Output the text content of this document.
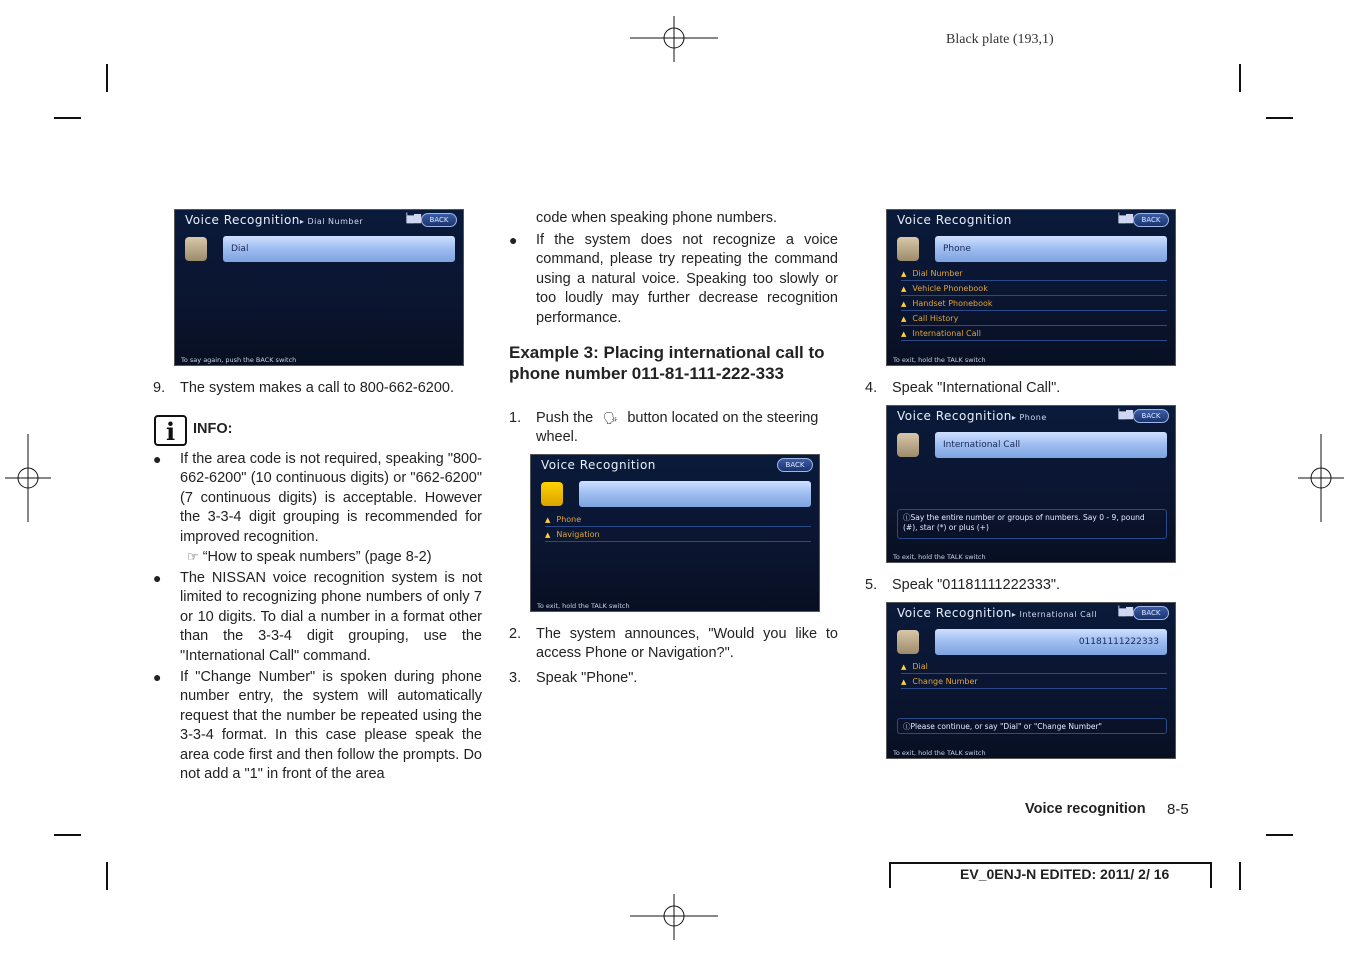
Black plate (193,1)
Voice Recognition▸ Dial Number	▕▆▇	BACK
Dial
To say again, push the BACK switch
9. The system makes a call to 800-662-6200.
i	INFO:
● If the area code is not required, speaking "800-662-6200" (10 continuous digits) or "662-6200" (7 continuous digits) is acceptable. However the 3-3-4 digit grouping is recommended for improved recognition.
☞ “How to speak numbers” (page 8-2)
● The NISSAN voice recognition system is not limited to recognizing phone numbers of only 7 or 10 digits. To dial a number in a format other than the 3-3-4 digit grouping, use the "International Call" command.
● If "Change Number" is spoken during phone number entry, the system will automatically request that the number be repeated using the 3-3-4 format. In this case please speak the area code first and then follow the prompts. Do not add a "1" in front of the area
code when speaking phone numbers.
● If the system does not recognize a voice command, please try repeating the command using a natural voice. Speaking too slowly or too loudly may further decrease recognition performance.
Example 3: Placing international call to phone number 011-81-111-222-333
1. Push the 🗣︎ button located on the steering wheel.
Voice Recognition	BACK
▲ Phone
▲ Navigation
To exit, hold the TALK switch
2. The system announces, "Would you like to access Phone or Navigation?".
3. Speak "Phone".
Voice Recognition	▕▆▇	BACK
Phone
▲ Dial Number
▲ Vehicle Phonebook
▲ Handset Phonebook
▲ Call History
▲ International Call
To exit, hold the TALK switch
4. Speak "International Call".
Voice Recognition▸ Phone	▕▆▇	BACK
International Call
ⓘSay the entire number or groups of numbers. Say 0 - 9, pound (#), star (*) or plus (+)
To exit, hold the TALK switch
5. Speak "01181111222333".
Voice Recognition▸ International Call ▕▆▇	BACK
01181111222333
▲ Dial
▲ Change Number
ⓘPlease continue, or say "Dial" or "Change Number"
To exit, hold the TALK switch
Voice recognition 8-5
EV_0ENJ-N EDITED: 2011/ 2/ 16
